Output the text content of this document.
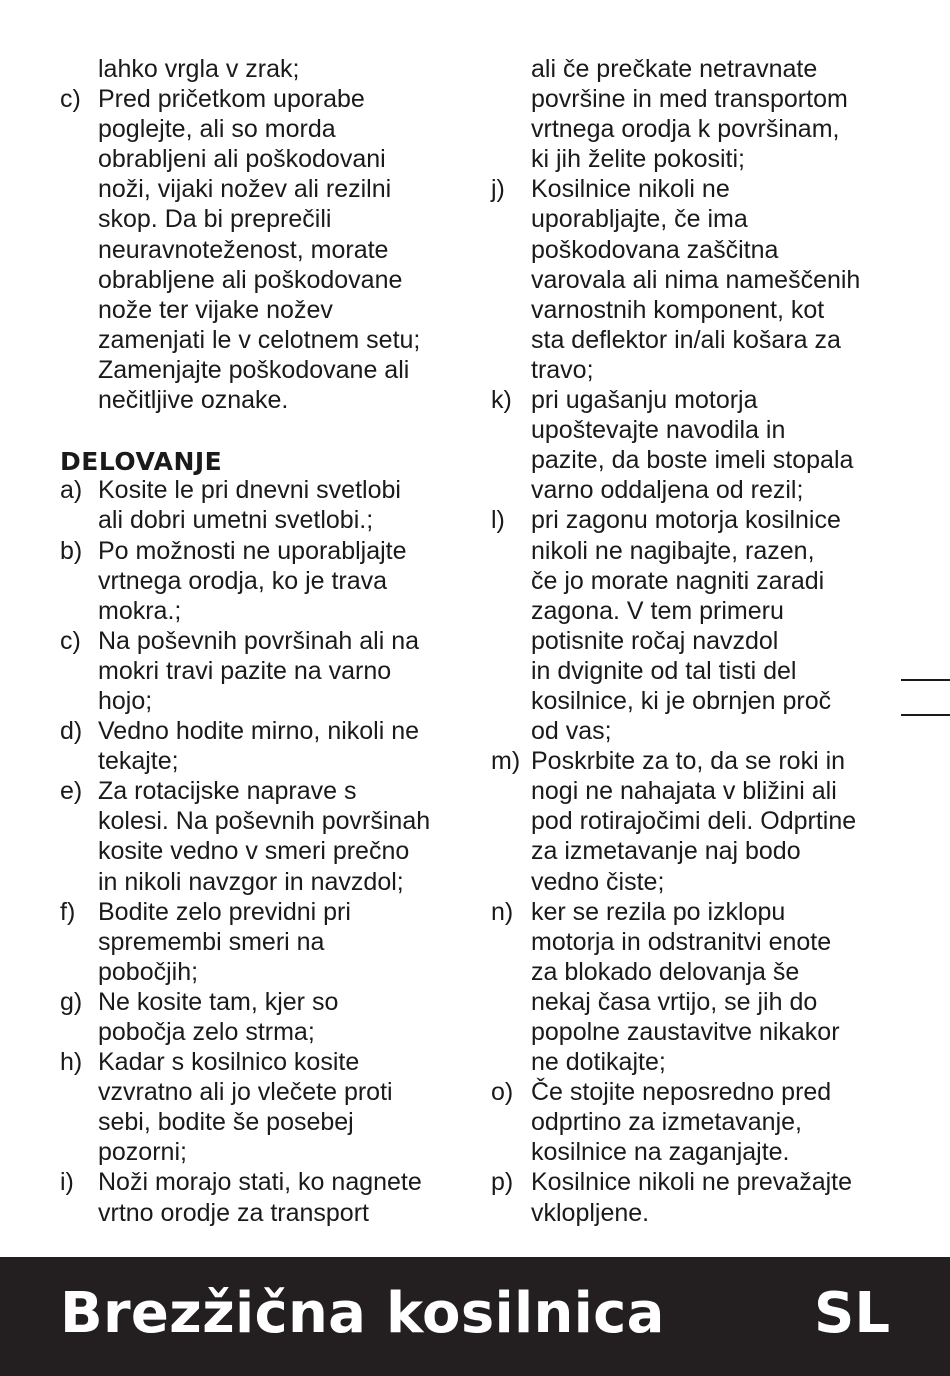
lahko vrgla v zrak;
c) Pred pričetkom uporabe
poglejte, ali so morda
obrabljeni ali poškodovani
noži, vijaki nožev ali rezilni
skop. Da bi preprečili
neuravnoteženost, morate
obrabljene ali poškodovane
nože ter vijake nožev
zamenjati le v celotnem setu;
Zamenjajte poškodovane ali
nečitljive oznake.
DELOVANJE
a) Kosite le pri dnevni svetlobi
ali dobri umetni svetlobi.;
b) Po možnosti ne uporabljajte
vrtnega orodja, ko je trava
mokra.;
c) Na poševnih površinah ali na
mokri travi pazite na varno
hojo;
d) Vedno hodite mirno, nikoli ne
tekajte;
e) Za rotacijske naprave s
kolesi. Na poševnih površinah
kosite vedno v smeri prečno
in nikoli navzgor in navzdol;
f) Bodite zelo previdni pri
spremembi smeri na
pobočjih;
g) Ne kosite tam, kjer so
pobočja zelo strma;
h) Kadar s kosilnico kosite
vzvratno ali jo vlečete proti
sebi, bodite še posebej
pozorni;
i) Noži morajo stati, ko nagnete
vrtno orodje za transport
ali če prečkate netravnate
površine in med transportom
vrtnega orodja k površinam,
ki jih želite pokositi;
j) Kosilnice nikoli ne
uporabljajte, če ima
poškodovana zaščitna
varovala ali nima nameščenih
varnostnih komponent, kot
sta deflektor in/ali košara za
travo;
k) pri ugašanju motorja
upoštevajte navodila in
pazite, da boste imeli stopala
varno oddaljena od rezil;
l) pri zagonu motorja kosilnice
nikoli ne nagibajte, razen,
če jo morate nagniti zaradi
zagona. V tem primeru
potisnite ročaj navzdol
in dvignite od tal tisti del
kosilnice, ki je obrnjen proč
od vas;
m) Poskrbite za to, da se roki in
nogi ne nahajata v bližini ali
pod rotirajočimi deli. Odprtine
za izmetavanje naj bodo
vedno čiste;
n) ker se rezila po izklopu
motorja in odstranitvi enote
za blokado delovanja še
nekaj časa vrtijo, se jih do
popolne zaustavitve nikakor
ne dotikajte;
o) Če stojite neposredno pred
odprtino za izmetavanje,
kosilnice na zaganjajte.
p) Kosilnice nikoli ne prevažajte
vklopljene.
Brezžična kosilnica	SL
